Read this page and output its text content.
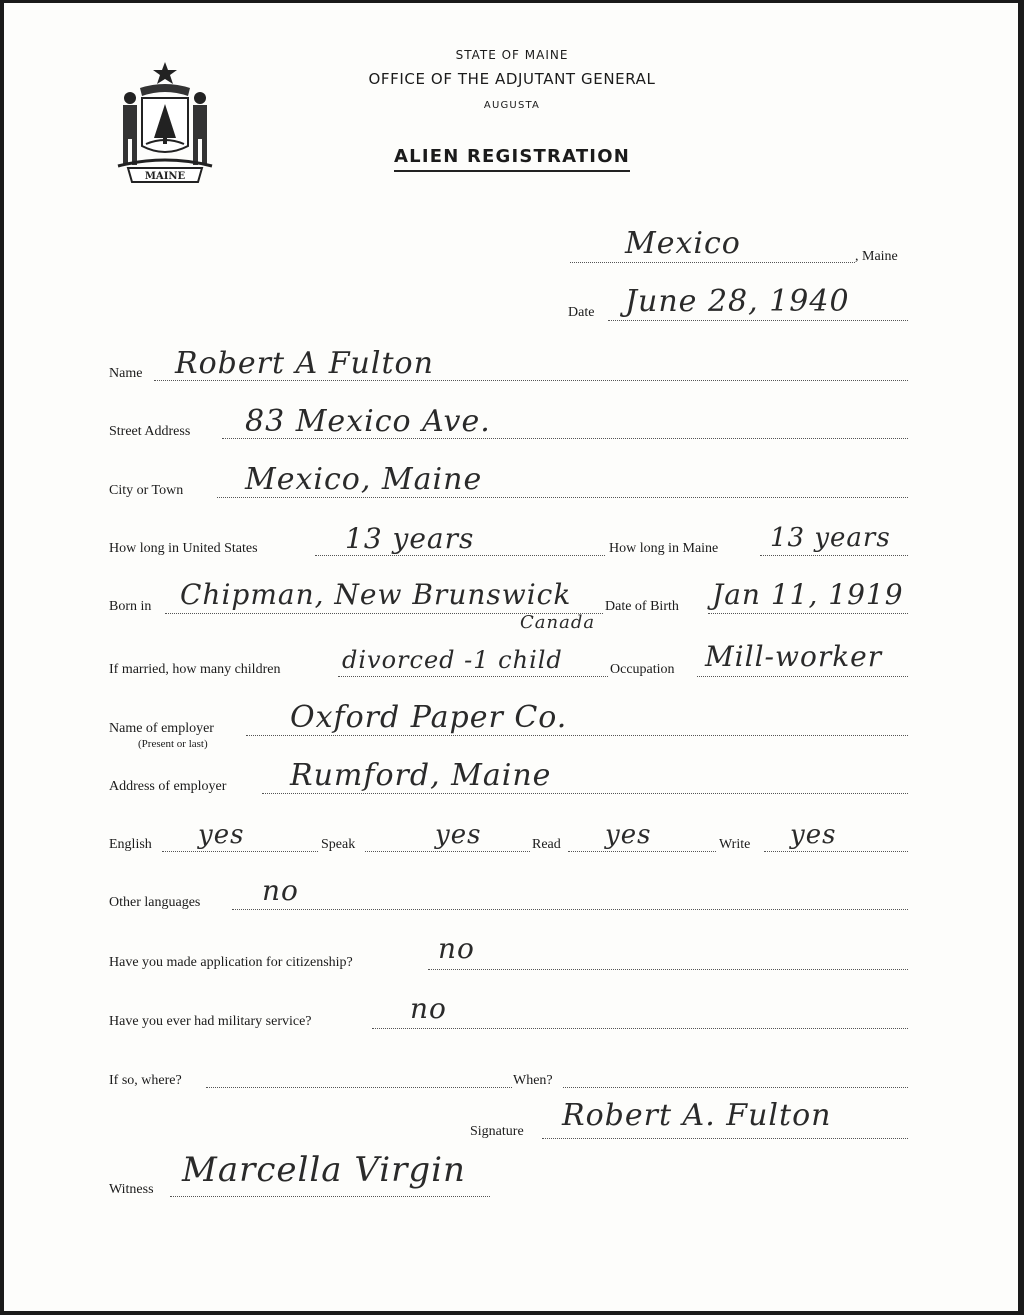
MAINE
STATE OF MAINE
OFFICE OF THE ADJUTANT GENERAL
AUGUSTA
ALIEN REGISTRATION
, Maine
Mexico
Date June 28, 1940
Name Robert A Fulton
Street Address 83 Mexico Ave.
City or Town Mexico, Maine
How long in United States	13 years	How long in Maine 13 years
Born in Chipman, New Brunswick
Canada
Date of Birth Jan 11, 1919
If married, how many children	divorced -1 child	Occupation Mill-worker
Name of employer
(Present or last)
Oxford Paper Co.
Address of employer Rumford, Maine
English yes	Speak	yes	Read yes	Write yes
Other languages no
Have you made application for citizenship?	no
Have you ever had military service?	no
If so, where?	When?
Signature Robert A. Fulton
Witness Marcella Virgin
